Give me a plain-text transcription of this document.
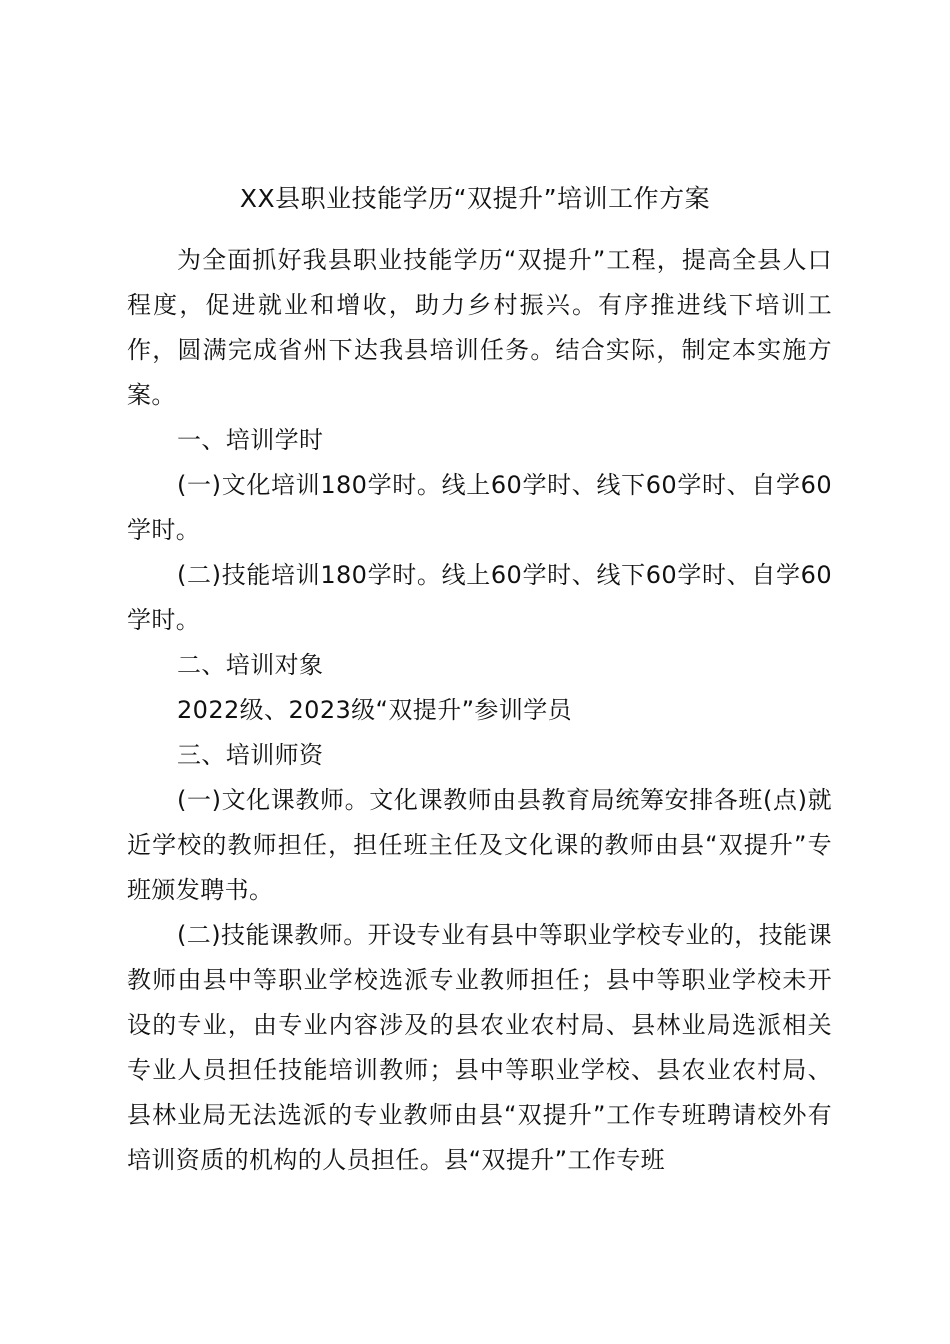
XX县职业技能学历“双提升”培训工作方案

为全面抓好我县职业技能学历“双提升”工程，提高全县人口程度，促进就业和增收，助力乡村振兴。有序推进线下培训工作，圆满完成省州下达我县培训任务。结合实际，制定本实施方案。

一、培训学时

(一)文化培训180学时。线上60学时、线下60学时、自学60学时。

(二)技能培训180学时。线上60学时、线下60学时、自学60学时。

二、培训对象

2022级、2023级“双提升”参训学员

三、培训师资

(一)文化课教师。文化课教师由县教育局统筹安排各班(点)就近学校的教师担任，担任班主任及文化课的教师由县“双提升”专班颁发聘书。

(二)技能课教师。开设专业有县中等职业学校专业的，技能课教师由县中等职业学校选派专业教师担任；县中等职业学校未开设的专业，由专业内容涉及的县农业农村局、县林业局选派相关专业人员担任技能培训教师；县中等职业学校、县农业农村局、县林业局无法选派的专业教师由县“双提升”工作专班聘请校外有培训资质的机构的人员担任。县“双提升”工作专班
